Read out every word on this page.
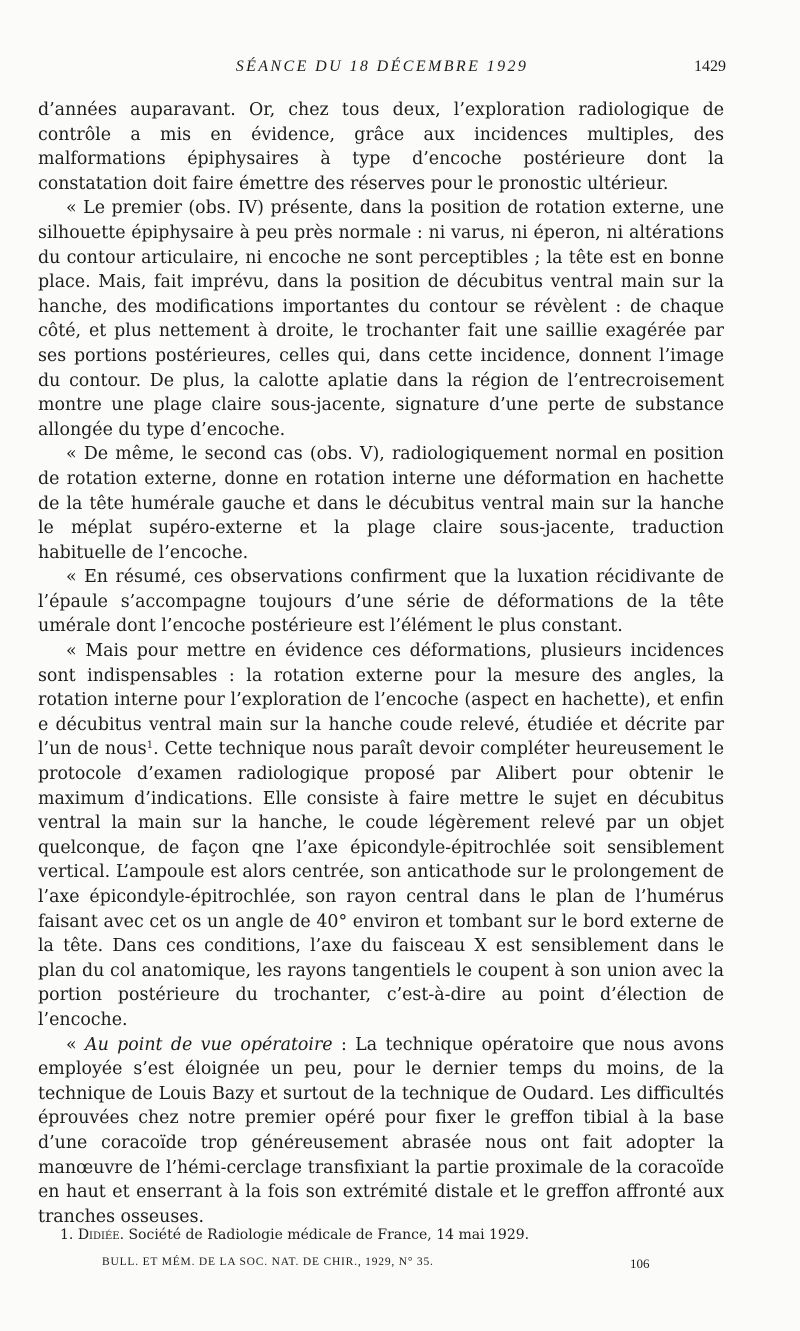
SÉANCE DU 18 DÉCEMBRE 1929	1429

d’années auparavant. Or, chez tous deux, l’exploration radiologique de contrôle a mis en évidence, grâce aux incidences multiples, des malformations épiphysaires à type d’encoche postérieure dont la constatation doit faire émettre des réserves pour le pronostic ultérieur.

« Le premier (obs. IV) présente, dans la position de rotation externe, une silhouette épiphysaire à peu près normale : ni varus, ni éperon, ni altérations du contour articulaire, ni encoche ne sont perceptibles ; la tête est en bonne place. Mais, fait imprévu, dans la position de décubitus ventral main sur la hanche, des modifications importantes du contour se révèlent : de chaque côté, et plus nettement à droite, le trochanter fait une saillie exagérée par ses portions postérieures, celles qui, dans cette incidence, donnent l’image du contour. De plus, la calotte aplatie dans la région de l’entrecroisement montre une plage claire sous-jacente, signature d’une perte de substance allongée du type d’encoche.

« De même, le second cas (obs. V), radiologiquement normal en position de rotation externe, donne en rotation interne une déformation en hachette de la tête humérale gauche et dans le décubitus ventral main sur la hanche le méplat supéro-externe et la plage claire sous-jacente, traduction habituelle de l’encoche.

« En résumé, ces observations confirment que la luxation récidivante de l’épaule s’accompagne toujours d’une série de déformations de la tête umérale dont l’encoche postérieure est l’élément le plus constant.

« Mais pour mettre en évidence ces déformations, plusieurs incidences sont indispensables : la rotation externe pour la mesure des angles, la rotation interne pour l’exploration de l’encoche (aspect en hachette), et enfin e décubitus ventral main sur la hanche coude relevé, étudiée et décrite par l’un de nous$^1$. Cette technique nous paraît devoir compléter heureusement le protocole d’examen radiologique proposé par Alibert pour obtenir le maximum d’indications. Elle consiste à faire mettre le sujet en décubitus ventral la main sur la hanche, le coude légèrement relevé par un objet quelconque, de façon qne l’axe épicondyle-épitrochlée soit sensiblement vertical. L’ampoule est alors centrée, son anticathode sur le prolongement de l’axe épicondyle-épitrochlée, son rayon central dans le plan de l’humérus faisant avec cet os un angle de 40° environ et tombant sur le bord externe de la tête. Dans ces conditions, l’axe du faisceau X est sensiblement dans le plan du col anatomique, les rayons tangentiels le coupent à son union avec la portion postérieure du trochanter, c’est-à-dire au point d’élection de l’encoche.

« Au point de vue opératoire : La technique opératoire que nous avons employée s’est éloignée un peu, pour le dernier temps du moins, de la technique de Louis Bazy et surtout de la technique de Oudard. Les difficultés éprouvées chez notre premier opéré pour fixer le greffon tibial à la base d’une coracoïde trop généreusement abrasée nous ont fait adopter la manœuvre de l’hémi-cerclage transfixiant la partie proximale de la coracoïde en haut et enserrant à la fois son extrémité distale et le greffon affronté aux tranches osseuses.

1. Didiée. Société de Radiologie médicale de France, 14 mai 1929.
BULL. ET MÉM. DE LA SOC. NAT. DE CHIR., 1929, N° 35.	106
